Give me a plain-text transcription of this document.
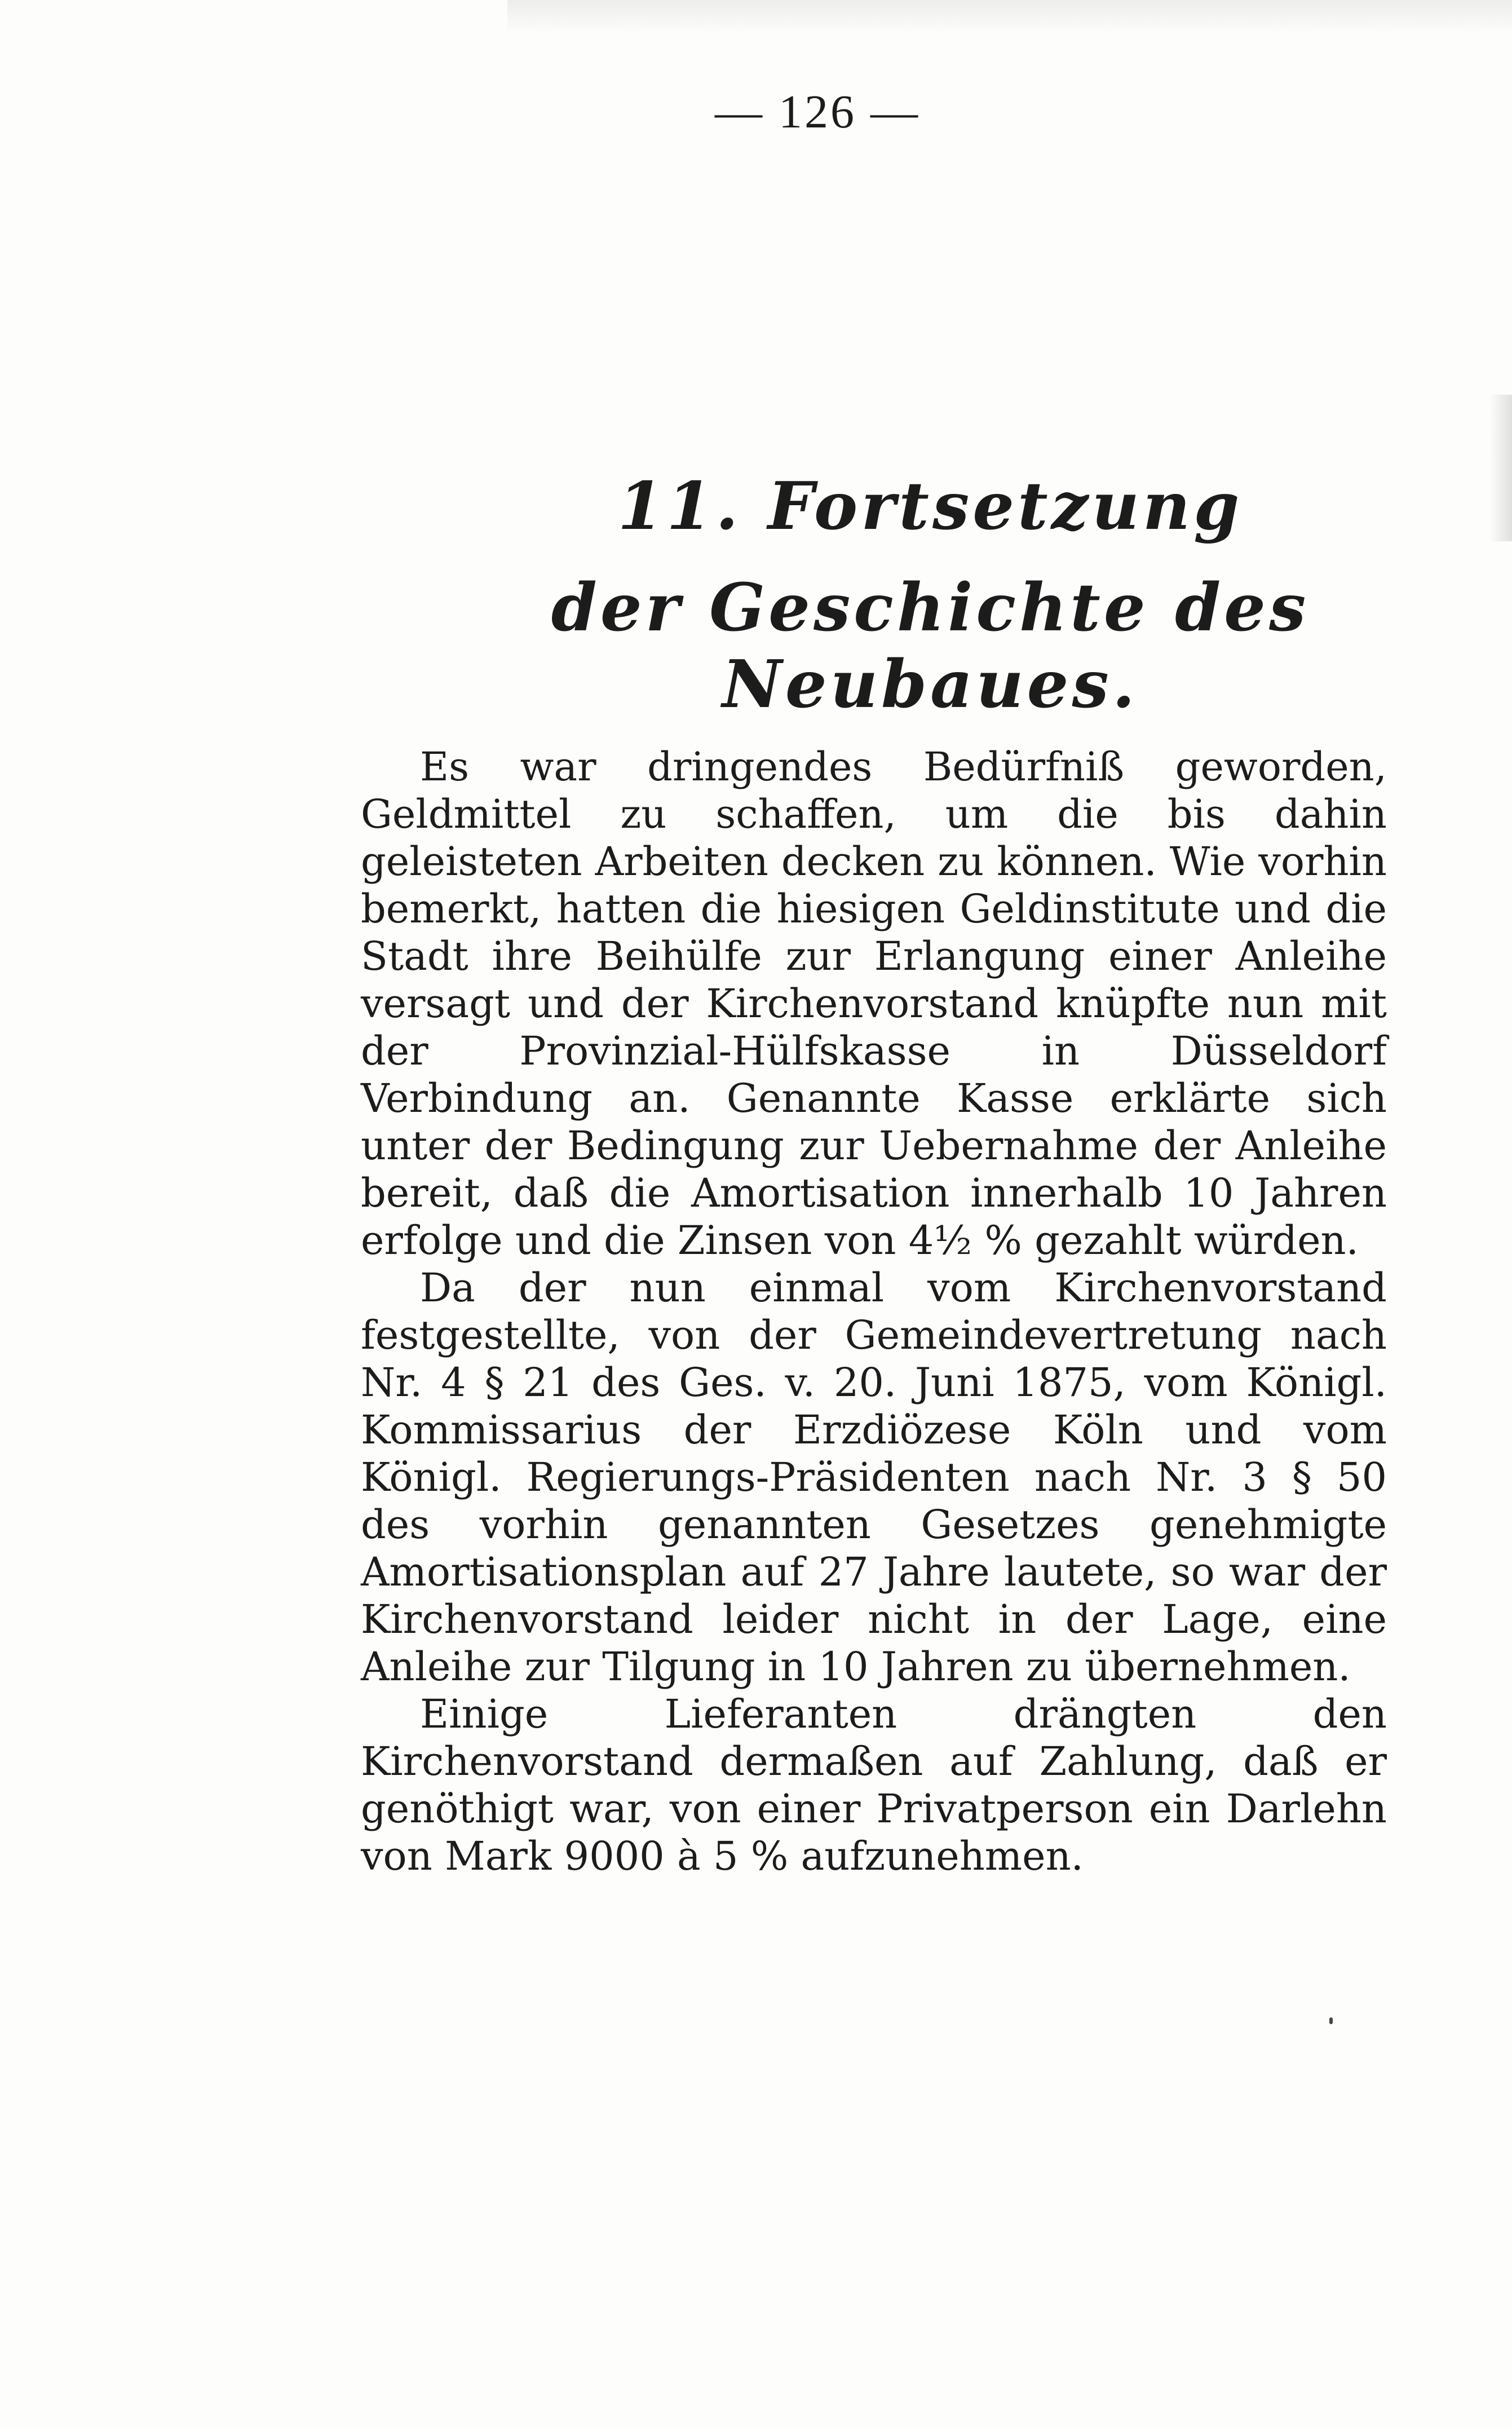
— 126 —
11. Fortsetzung
der Geschichte des Neubaues.

Es war dringendes Bedürfniß geworden, Geldmittel zu schaffen, um die bis dahin geleisteten Arbeiten decken zu können. Wie vorhin bemerkt, hatten die hiesigen Geldinstitute und die Stadt ihre Beihülfe zur Erlangung einer Anleihe versagt und der Kirchenvorstand knüpfte nun mit der Provinzial-Hülfskasse in Düsseldorf Verbindung an. Genannte Kasse erklärte sich unter der Bedingung zur Uebernahme der Anleihe bereit, daß die Amortisation innerhalb 10 Jahren erfolge und die Zinsen von 4½ % gezahlt würden.

Da der nun einmal vom Kirchenvorstand festgestellte, von der Gemeindevertretung nach Nr. 4 § 21 des Ges. v. 20. Juni 1875, vom Königl. Kommissarius der Erzdiözese Köln und vom Königl. Regierungs-Präsidenten nach Nr. 3 § 50 des vorhin genannten Gesetzes genehmigte Amortisationsplan auf 27 Jahre lautete, so war der Kirchenvorstand leider nicht in der Lage, eine Anleihe zur Tilgung in 10 Jahren zu übernehmen.

Einige Lieferanten drängten den Kirchenvorstand dermaßen auf Zahlung, daß er genöthigt war, von einer Privatperson ein Darlehn von Mark 9000 à 5 % aufzunehmen.
